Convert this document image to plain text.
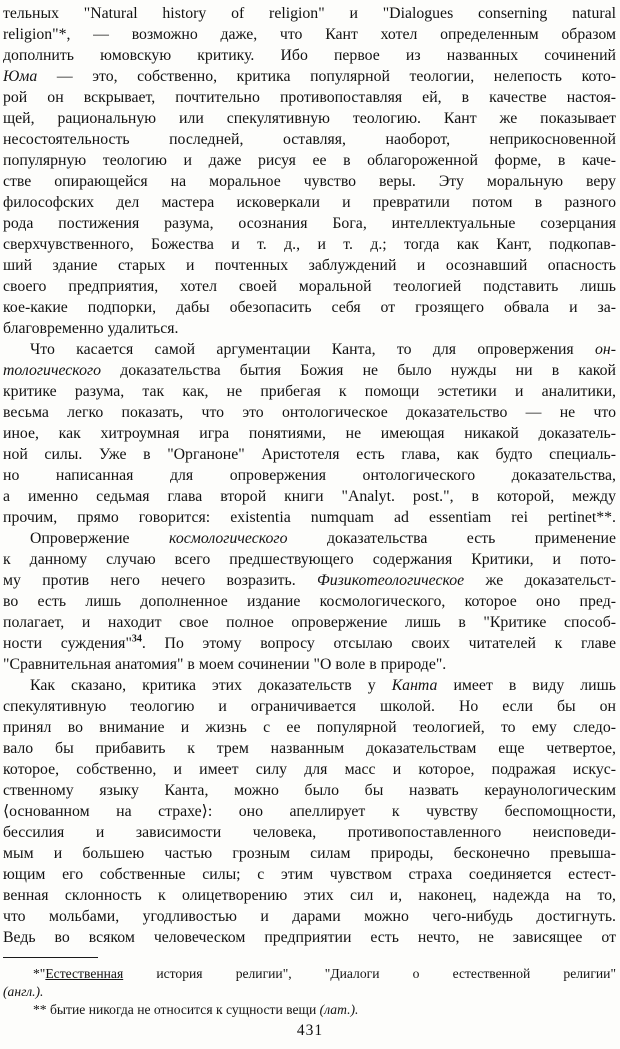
тельных "Natural history of religion" и "Dialogues conserning natural
religion"*, — возможно даже, что Кант хотел определенным образом
дополнить юмовскую критику. Ибо первое из названных сочинений
Юма — это, собственно, критика популярной теологии, нелепость кото-
рой он вскрывает, почтительно противопоставляя ей, в качестве настоя-
щей, рациональную или спекулятивную теологию. Кант же показывает
несостоятельность последней, оставляя, наоборот, неприкосновенной
популярную теологию и даже рисуя ее в облагороженной форме, в каче-
стве опирающейся на моральное чувство веры. Эту моральную веру
философских дел мастера исковеркали и превратили потом в разного
рода постижения разума, осознания Бога, интеллектуальные созерцания
сверхчувственного, Божества и т. д., и т. д.; тогда как Кант, подкопав-
ший здание старых и почтенных заблуждений и осознавший опасность
своего предприятия, хотел своей моральной теологией подставить лишь
кое-какие подпорки, дабы обезопасить себя от грозящего обвала и за-
благовременно удалиться.
Что касается самой аргументации Канта, то для опровержения он-
тологического доказательства бытия Божия не было нужды ни в какой
критике разума, так как, не прибегая к помощи эстетики и аналитики,
весьма легко показать, что это онтологическое доказательство — не что
иное, как хитроумная игра понятиями, не имеющая никакой доказатель-
ной силы. Уже в "Органоне" Аристотеля есть глава, как будто специаль-
но написанная для опровержения онтологического доказательства,
а именно седьмая глава второй книги "Analyt. post.", в которой, между
прочим, прямо говорится: existentia numquam ad essentiam rei pertinet**.
Опровержение космологического доказательства есть применение
к данному случаю всего предшествующего содержания Критики, и пото-
му против него нечего возразить. Физикотеологическое же доказательст-
во есть лишь дополненное издание космологического, которое оно пред-
полагает, и находит свое полное опровержение лишь в "Критике способ-
ности суждения"$^{34}$. По этому вопросу отсылаю своих читателей к главе
"Сравнительная анатомия" в моем сочинении "О воле в природе".
Как сказано, критика этих доказательств у Канта имеет в виду лишь
спекулятивную теологию и ограничивается школой. Но если бы он
принял во внимание и жизнь с ее популярной теологией, то ему следо-
вало бы прибавить к трем названным доказательствам еще четвертое,
которое, собственно, и имеет силу для масс и которое, подражая искус-
ственному языку Канта, можно было бы назвать кераунологическим
⟨основанном на страхе⟩: оно апеллирует к чувству беспомощности,
бессилия и зависимости человека, противопоставленного неисповеди-
мым и большею частью грозным силам природы, бесконечно превыша-
ющим его собственные силы; с этим чувством страха соединяется естест-
венная склонность к олицетворению этих сил и, наконец, надежда на то,
что мольбами, угодливостью и дарами можно чего-нибудь достигнуть.
Ведь во всяком человеческом предприятии есть нечто, не зависящее от
*"Естественная история религии", "Диалоги о естественной религии"
(англ.).
** бытие никогда не относится к сущности вещи (лат.).
431
